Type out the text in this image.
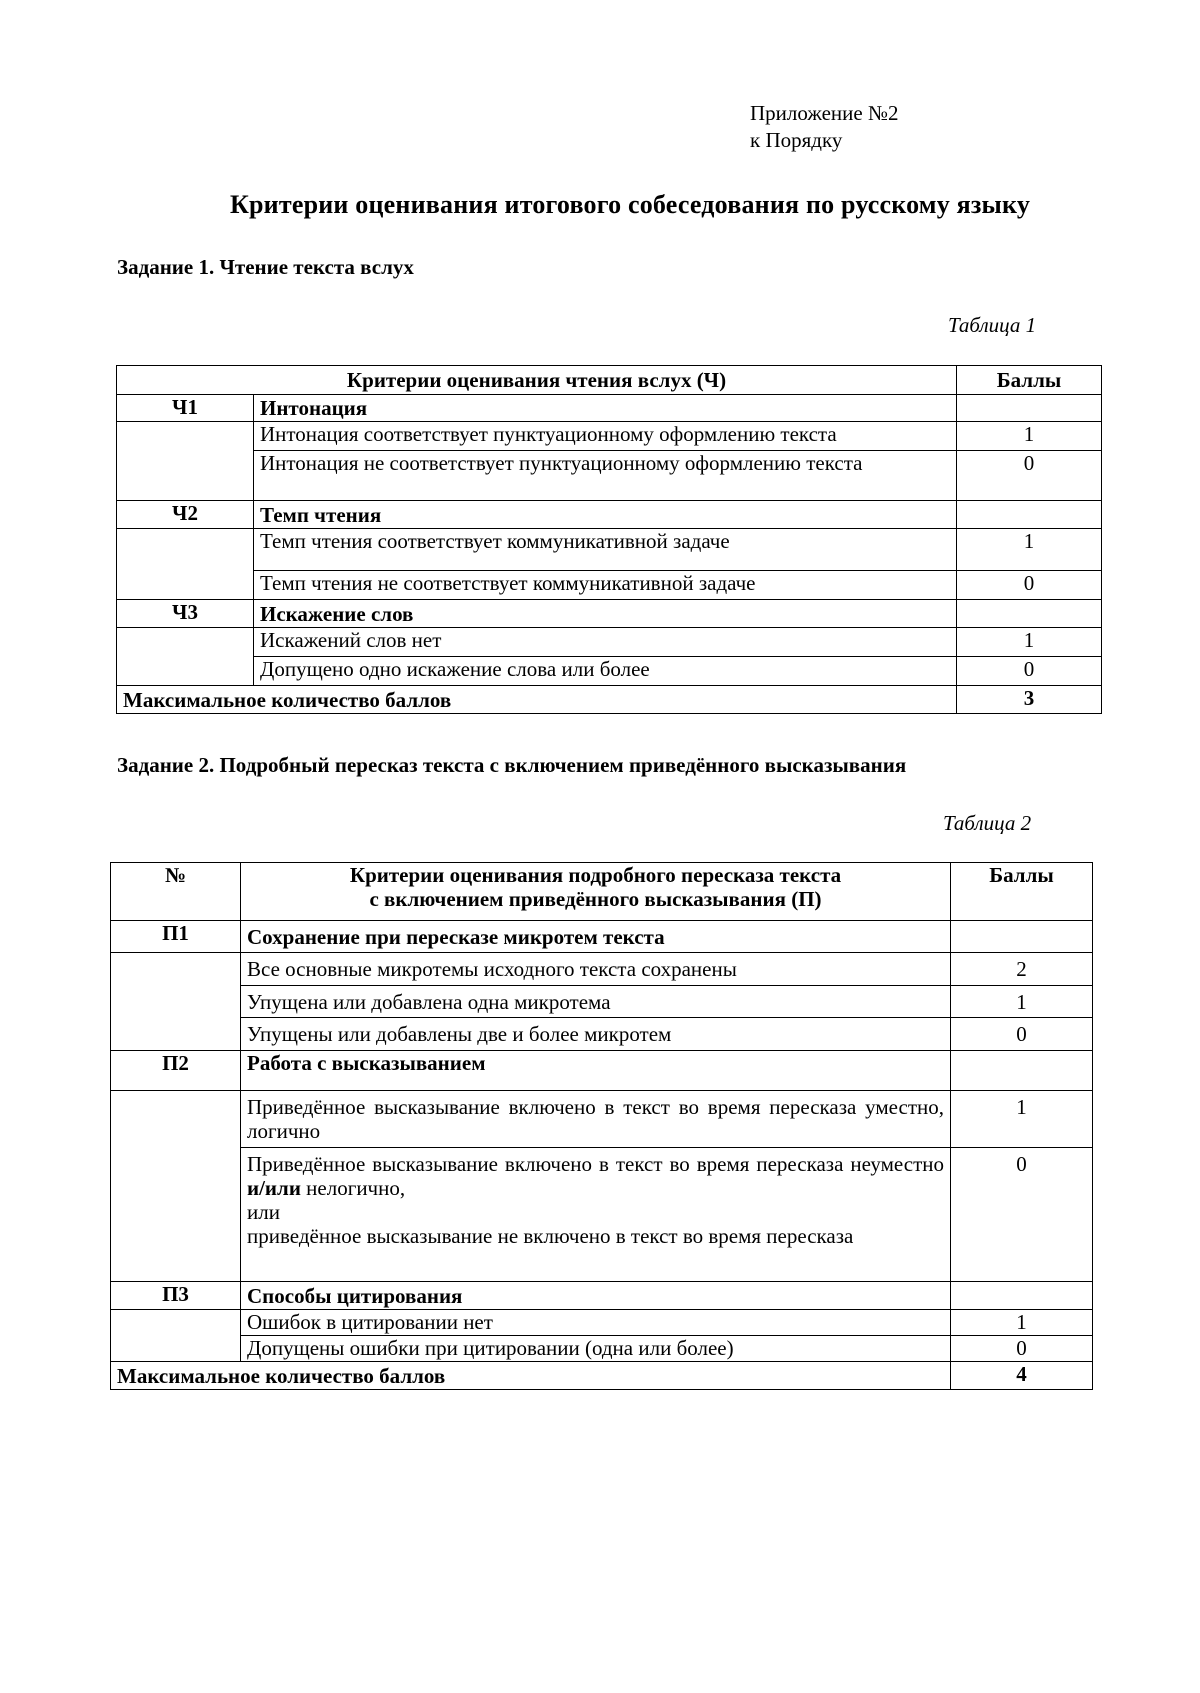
Приложение №2
к Порядку
Критерии оценивания итогового собеседования по русскому языку
Задание 1. Чтение текста вслух
Таблица 1
Критерии оценивания чтения вслух (Ч)		Баллы
Ч1	Интонация	
	Интонация соответствует пунктуационному оформлению текста	1
	Интонация не соответствует пунктуационному оформлению текста	0
Ч2	Темп чтения	
	Темп чтения соответствует коммуникативной задаче	1
	Темп чтения не соответствует коммуникативной задаче	0
Ч3	Искажение слов	
	Искажений слов нет	1
	Допущено одно искажение слова или более	0
Максимальное количество баллов		3
Задание 2. Подробный пересказ текста с включением приведённого высказывания
Таблица 2
№	Критерии оценивания подробного пересказа текста
с включением приведённого высказывания (П)	Баллы
П1	Сохранение при пересказе микротем текста	
	Все основные микротемы исходного текста сохранены	2
	Упущена или добавлена одна микротема	1
	Упущены или добавлены две и более микротем	0
П2	Работа с высказыванием	
	Приведённое высказывание включено в текст во время пересказа уместно, логично	1

	Приведённое высказывание включено в текст во время пересказа неуместно и/или нелогично,
или
приведённое высказывание не включено в текст во время пересказа	0
П3	Способы цитирования	
	Ошибок в цитировании нет	1
	Допущены ошибки при цитировании (одна или более)	0
Максимальное количество баллов		4
